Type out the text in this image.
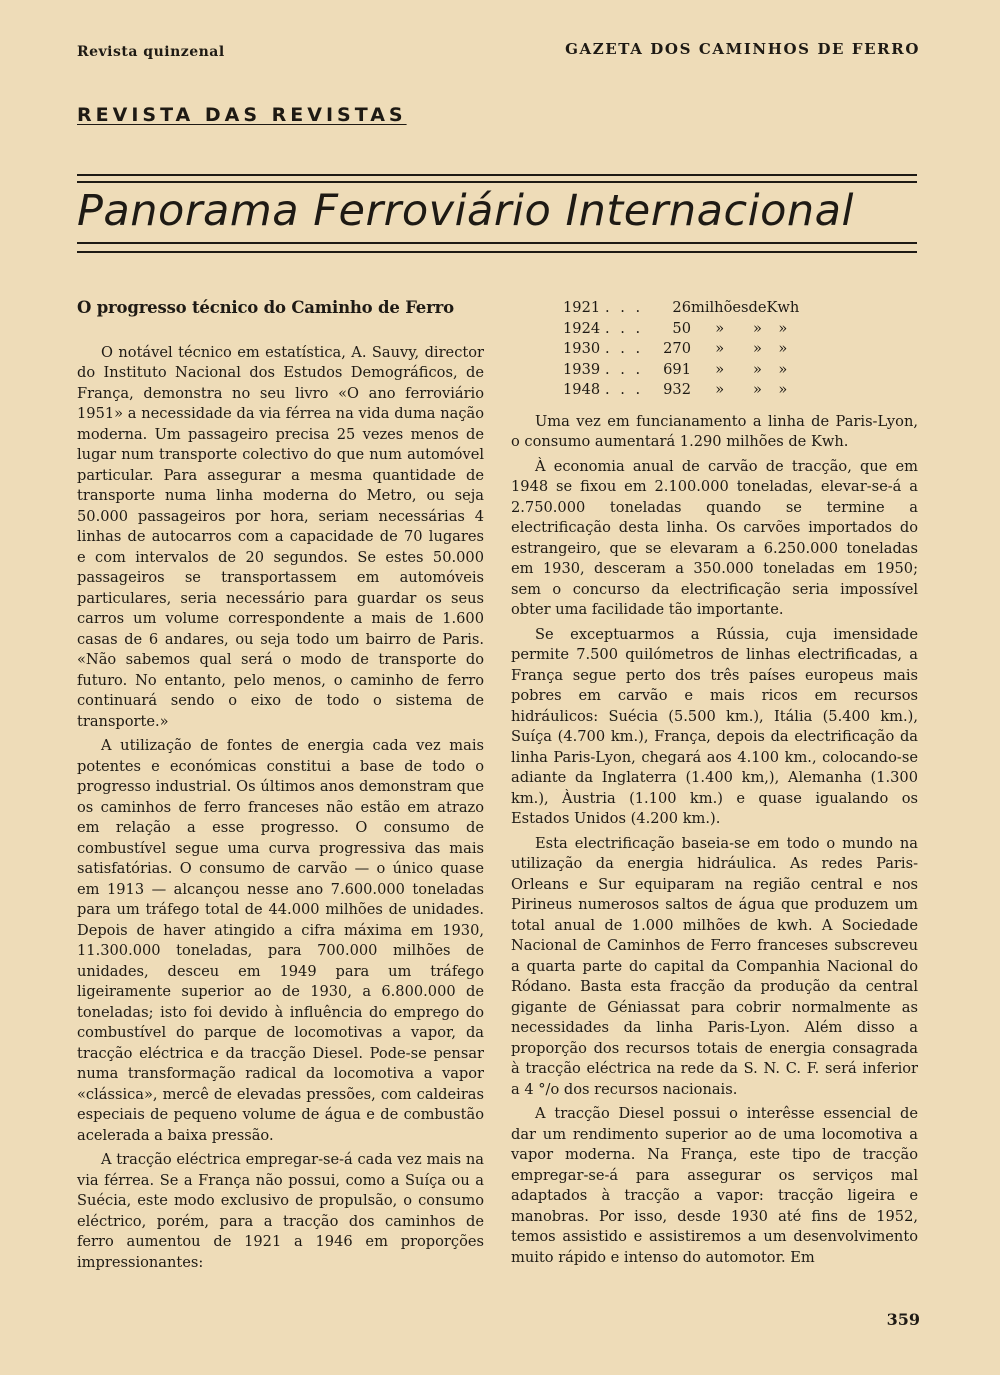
Revista quinzenal	GAZETA DOS CAMINHOS DE FERRO
REVISTA DAS REVISTAS
Panorama Ferroviário Internacional
O progresso técnico do Caminho de Ferro

O notável técnico em estatística, A. Sauvy, director do Instituto Nacional dos Estudos Demográficos, de França, demonstra no seu livro «O ano ferroviário 1951» a necessidade da via férrea na vida duma nação moderna. Um passageiro precisa 25 vezes menos de lugar num transporte colectivo do que num automóvel particular. Para assegurar a mesma quantidade de transporte numa linha moderna do Metro, ou seja 50.000 passageiros por hora, seriam necessárias 4 linhas de autocarros com a capacidade de 70 lugares e com intervalos de 20 segundos. Se estes 50.000 passageiros se transportassem em automóveis particulares, seria necessário para guardar os seus carros um volume correspondente a mais de 1.600 casas de 6 andares, ou seja todo um bairro de Paris. «Não sabemos qual será o modo de transporte do futuro. No entanto, pelo menos, o caminho de ferro continuará sendo o eixo de todo o sistema de transporte.»

A utilização de fontes de energia cada vez mais potentes e económicas constitui a base de todo o progresso industrial. Os últimos anos demonstram que os caminhos de ferro franceses não estão em atrazo em relação a esse progresso. O consumo de combustível segue uma curva progressiva das mais satisfatórias. O consumo de carvão — o único quase em 1913 — alcançou nesse ano 7.600.000 toneladas para um tráfego total de 44.000 milhões de unidades. Depois de haver atingido a cifra máxima em 1930, 11.300.000 toneladas, para 700.000 milhões de unidades, desceu em 1949 para um tráfego ligeiramente superior ao de 1930, a 6.800.000 de toneladas; isto foi devido à influência do emprego do combustível do parque de locomotivas a vapor, da tracção eléctrica e da tracção Diesel. Pode-se pensar numa transformação radical da locomotiva a vapor «clássica», mercê de elevadas pressões, com caldeiras especiais de pequeno volume de água e de combustão acelerada a baixa pressão.

A tracção eléctrica empregar-se-á cada vez mais na via férrea. Se a França não possui, como a Suíça ou a Suécia, este modo exclusivo de propulsão, o consumo eléctrico, porém, para a tracção dos caminhos de ferro aumentou de 1921 a 1946 em proporções impressionantes:

1921	. . .	26	milhões	de	Kwh
1924	. . .	50	»	»	»
1930	. . .	270	»	»	»
1939	. . .	691	»	»	»
1948	. . .	932	»	»	»

Uma vez em funcianamento a linha de Paris-Lyon, o consumo aumentará 1.290 milhões de Kwh.

À economia anual de carvão de tracção, que em 1948 se fixou em 2.100.000 toneladas, elevar-se-á a 2.750.000 toneladas quando se termine a electrificação desta linha. Os carvões importados do estrangeiro, que se elevaram a 6.250.000 toneladas em 1930, desceram a 350.000 toneladas em 1950; sem o concurso da electrificação seria impossível obter uma facilidade tão importante.

Se exceptuarmos a Rússia, cuja imensidade permite 7.500 quilómetros de linhas electrificadas, a França segue perto dos três países europeus mais pobres em carvão e mais ricos em recursos hidráulicos: Suécia (5.500 km.), Itália (5.400 km.), Suíça (4.700 km.), França, depois da electrificação da linha Paris-Lyon, chegará aos 4.100 km., colocando-se adiante da Inglaterra (1.400 km,), Alemanha (1.300 km.), Àustria (1.100 km.) e quase igualando os Estados Unidos (4.200 km.).

Esta electrificação baseia-se em todo o mundo na utilização da energia hidráulica. As redes Paris-Orleans e Sur equiparam na região central e nos Pirineus numerosos saltos de água que produzem um total anual de 1.000 milhões de kwh. A Sociedade Nacional de Caminhos de Ferro franceses subscreveu a quarta parte do capital da Companhia Nacional do Ródano. Basta esta fracção da produção da central gigante de Géniassat para cobrir normalmente as necessidades da linha Paris-Lyon. Além disso a proporção dos recursos totais de energia consagrada à tracção eléctrica na rede da S. N. C. F. será inferior a 4 °/o dos recursos nacionais.

A tracção Diesel possui o interêsse essencial de dar um rendimento superior ao de uma locomotiva a vapor moderna. Na França, este tipo de tracção empregar-se-á para assegurar os serviços mal adaptados à tracção a vapor: tracção ligeira e manobras. Por isso, desde 1930 até fins de 1952, temos assistido e assistiremos a um desenvolvimento muito rápido e intenso do automotor. Em

359
